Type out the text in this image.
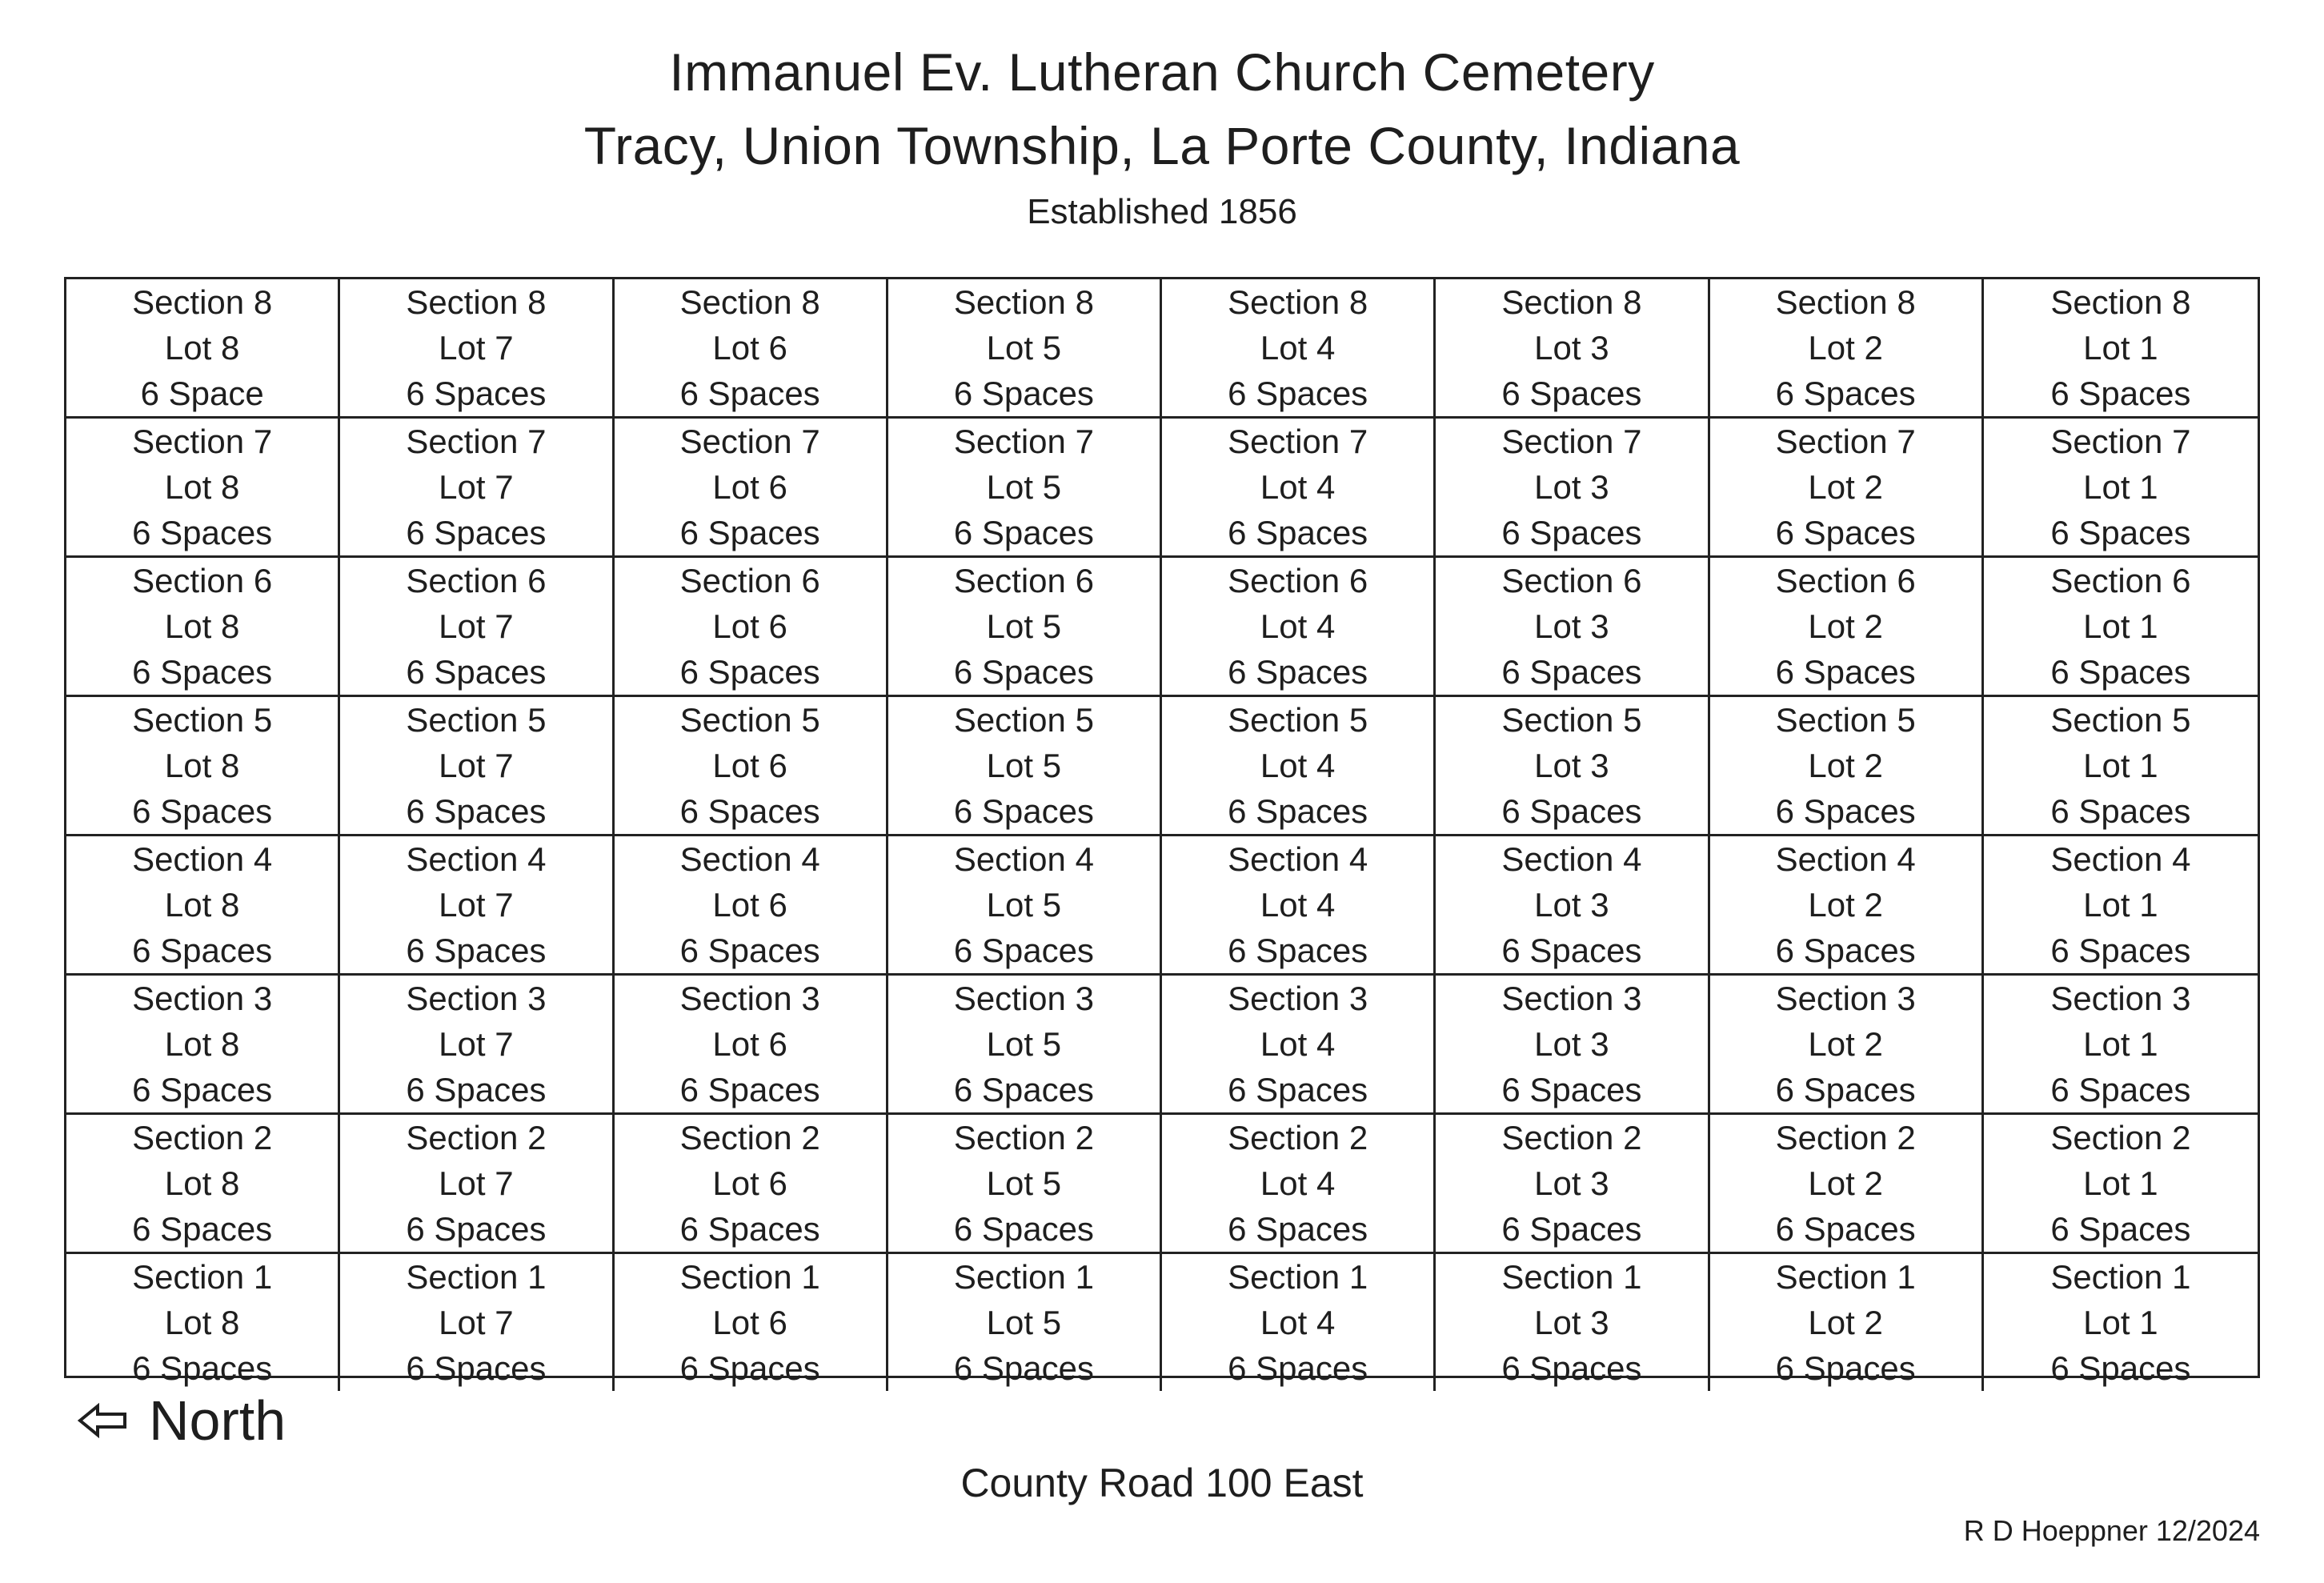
Immanuel Ev. Lutheran Church Cemetery
Tracy, Union Township, La Porte County, Indiana
Established 1856
Section 8
Lot 8
6 Space
Section 8
Lot 7
6 Spaces
Section 8
Lot 6
6 Spaces
Section 8
Lot 5
6 Spaces
Section 8
Lot 4
6 Spaces
Section 8
Lot 3
6 Spaces
Section 8
Lot 2
6 Spaces
Section 8
Lot 1
6 Spaces
Section 7
Lot 8
6 Spaces
Section 7
Lot 7
6 Spaces
Section 7
Lot 6
6 Spaces
Section 7
Lot 5
6 Spaces
Section 7
Lot 4
6 Spaces
Section 7
Lot 3
6 Spaces
Section 7
Lot 2
6 Spaces
Section 7
Lot 1
6 Spaces
Section 6
Lot 8
6 Spaces
Section 6
Lot 7
6 Spaces
Section 6
Lot 6
6 Spaces
Section 6
Lot 5
6 Spaces
Section 6
Lot 4
6 Spaces
Section 6
Lot 3
6 Spaces
Section 6
Lot 2
6 Spaces
Section 6
Lot 1
6 Spaces
Section 5
Lot 8
6 Spaces
Section 5
Lot 7
6 Spaces
Section 5
Lot 6
6 Spaces
Section 5
Lot 5
6 Spaces
Section 5
Lot 4
6 Spaces
Section 5
Lot 3
6 Spaces
Section 5
Lot 2
6 Spaces
Section 5
Lot 1
6 Spaces
Section 4
Lot 8
6 Spaces
Section 4
Lot 7
6 Spaces
Section 4
Lot 6
6 Spaces
Section 4
Lot 5
6 Spaces
Section 4
Lot 4
6 Spaces
Section 4
Lot 3
6 Spaces
Section 4
Lot 2
6 Spaces
Section 4
Lot 1
6 Spaces
Section 3
Lot 8
6 Spaces
Section 3
Lot 7
6 Spaces
Section 3
Lot 6
6 Spaces
Section 3
Lot 5
6 Spaces
Section 3
Lot 4
6 Spaces
Section 3
Lot 3
6 Spaces
Section 3
Lot 2
6 Spaces
Section 3
Lot 1
6 Spaces
Section 2
Lot 8
6 Spaces
Section 2
Lot 7
6 Spaces
Section 2
Lot 6
6 Spaces
Section 2
Lot 5
6 Spaces
Section 2
Lot 4
6 Spaces
Section 2
Lot 3
6 Spaces
Section 2
Lot 2
6 Spaces
Section 2
Lot 1
6 Spaces
Section 1
Lot 8
6 Spaces
Section 1
Lot 7
6 Spaces
Section 1
Lot 6
6 Spaces
Section 1
Lot 5
6 Spaces
Section 1
Lot 4
6 Spaces
Section 1
Lot 3
6 Spaces
Section 1
Lot 2
6 Spaces
Section 1
Lot 1
6 Spaces
North
County Road 100 East
R D Hoeppner 12/2024
